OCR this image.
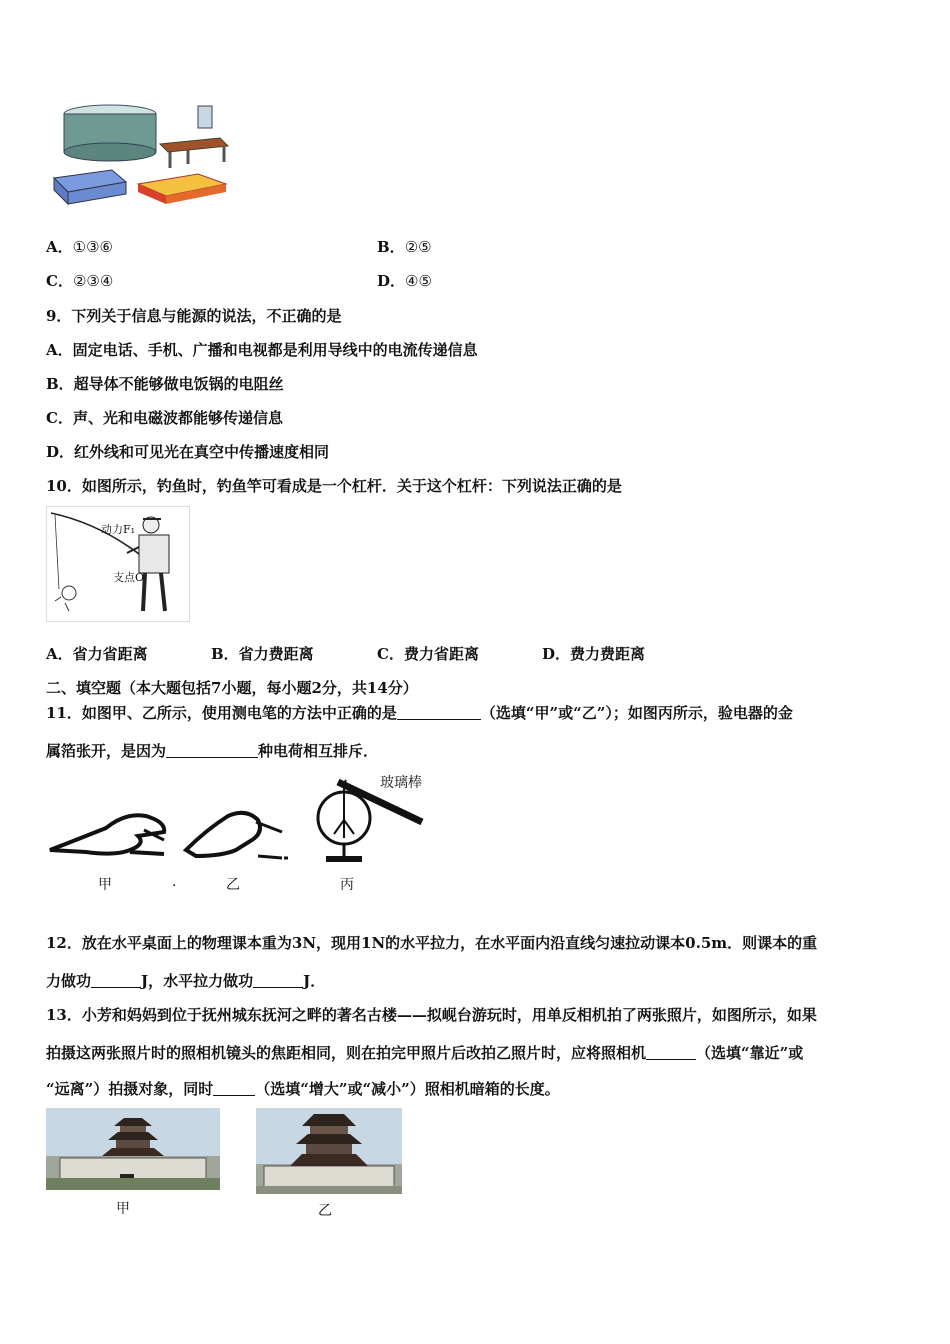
A．①③⑥	B．②⑤
C．②③④	D．④⑤
9．下列关于信息与能源的说法，不正确的是
A．固定电话、手机、广播和电视都是利用导线中的电流传递信息
B．超导体不能够做电饭锅的电阻丝
C．声、光和电磁波都能够传递信息
D．红外线和可见光在真空中传播速度相同
10．如图所示，钓鱼时，钓鱼竿可看成是一个杠杆．关于这个杠杆：下列说法正确的是
动力F₁
支点O
A．省力省距离	B．省力费距离	C．费力省距离	D．费力费距离
二、填空题（本大题包括7小题，每小题2分，共14分）
11．如图甲、乙所示，使用测电笔的方法中正确的是	（选填“甲”或“乙”）；如图丙所示，验电器的金
属箔张开，是因为	种电荷相互排斥．
玻璃棒
甲	.	乙	丙
12．放在水平桌面上的物理课本重为3N，现用1N的水平拉力，在水平面内沿直线匀速拉动课本0.5m．则课本的重
力做功	J，水平拉力做功	J．
13．小芳和妈妈到位于抚州城东抚河之畔的著名古楼——拟岘台游玩时，用单反相机拍了两张照片，如图所示，如果
拍摄这两张照片时的照相机镜头的焦距相同，则在拍完甲照片后改拍乙照片时，应将照相机	（选填“靠近”或
“远离”）拍摄对象，同时	（选填“增大”或“减小”）照相机暗箱的长度。
甲	乙
